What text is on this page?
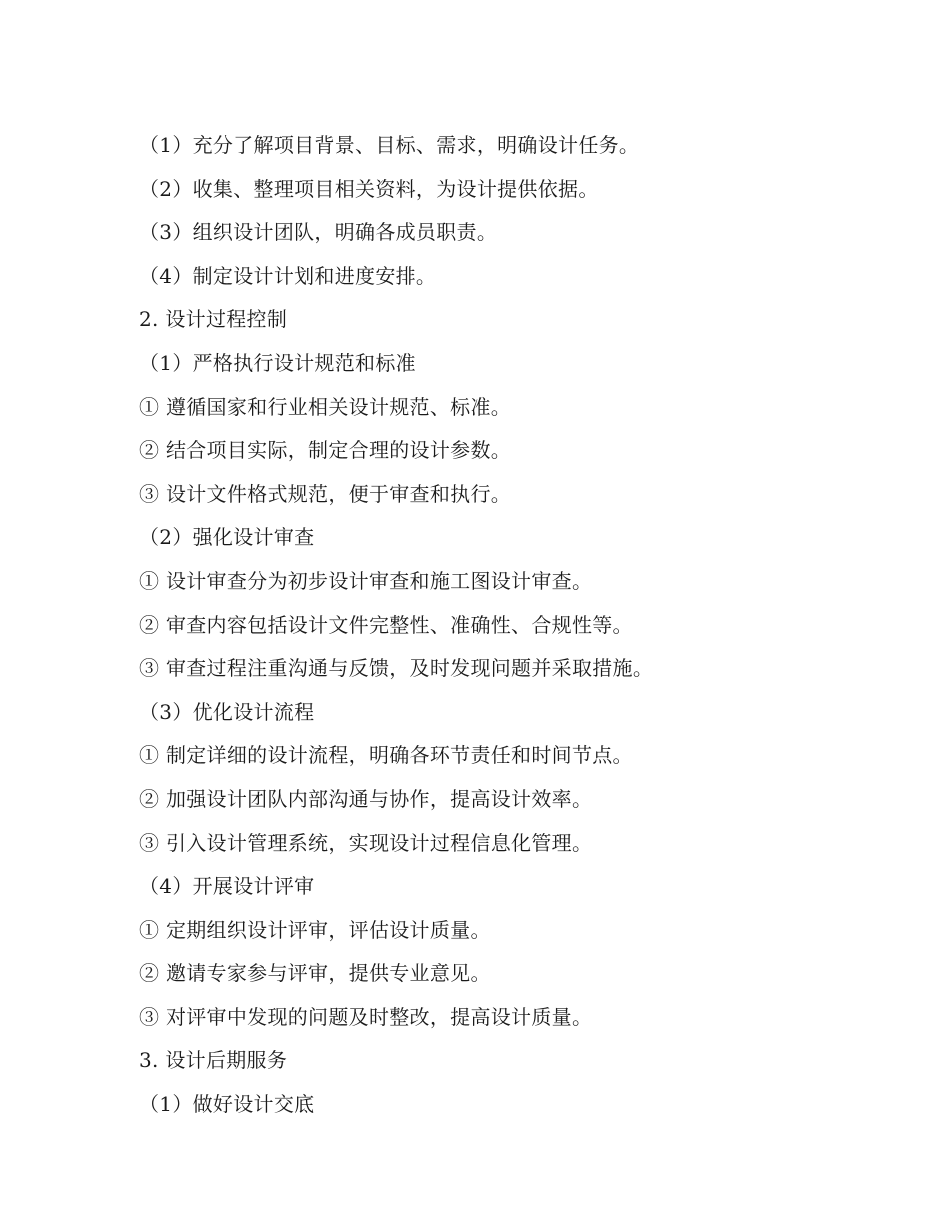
（1）充分了解项目背景、目标、需求，明确设计任务。
（2）收集、整理项目相关资料，为设计提供依据。
（3）组织设计团队，明确各成员职责。
（4）制定设计计划和进度安排。
2. 设计过程控制
（1）严格执行设计规范和标准
① 遵循国家和行业相关设计规范、标准。
② 结合项目实际，制定合理的设计参数。
③ 设计文件格式规范，便于审查和执行。
（2）强化设计审查
① 设计审查分为初步设计审查和施工图设计审查。
② 审查内容包括设计文件完整性、准确性、合规性等。
③ 审查过程注重沟通与反馈，及时发现问题并采取措施。
（3）优化设计流程
① 制定详细的设计流程，明确各环节责任和时间节点。
② 加强设计团队内部沟通与协作，提高设计效率。
③ 引入设计管理系统，实现设计过程信息化管理。
（4）开展设计评审
① 定期组织设计评审，评估设计质量。
② 邀请专家参与评审，提供专业意见。
③ 对评审中发现的问题及时整改，提高设计质量。
3. 设计后期服务
（1）做好设计交底
